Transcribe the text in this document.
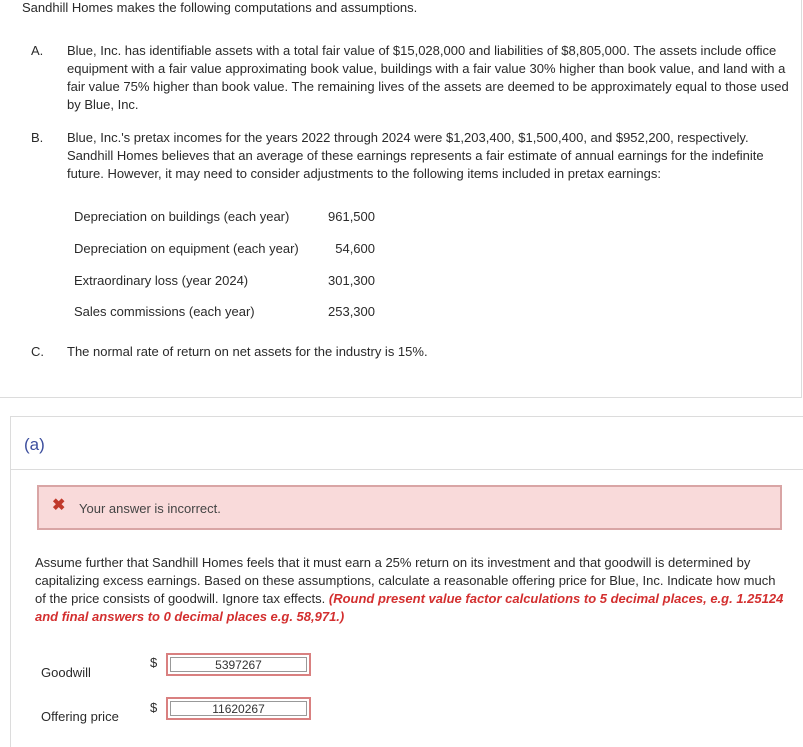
Sandhill Homes makes the following computations and assumptions.
A. Blue, Inc. has identifiable assets with a total fair value of $15,028,000 and liabilities of $8,805,000. The assets include office equipment with a fair value approximating book value, buildings with a fair value 30% higher than book value, and land with a fair value 75% higher than book value. The remaining lives of the assets are deemed to be approximately equal to those used by Blue, Inc.
B. Blue, Inc.'s pretax incomes for the years 2022 through 2024 were $1,203,400, $1,500,400, and $952,200, respectively. Sandhill Homes believes that an average of these earnings represents a fair estimate of annual earnings for the indefinite future. However, it may need to consider adjustments to the following items included in pretax earnings:
Depreciation on buildings (each year)	961,500
Depreciation on equipment (each year)	54,600
Extraordinary loss (year 2024)	301,300
Sales commissions (each year)	253,300
C. The normal rate of return on net assets for the industry is 15%.
(a)
✖ Your answer is incorrect.
Assume further that Sandhill Homes feels that it must earn a 25% return on its investment and that goodwill is determined by capitalizing excess earnings. Based on these assumptions, calculate a reasonable offering price for Blue, Inc. Indicate how much of the price consists of goodwill. Ignore tax effects. (Round present value factor calculations to 5 decimal places, e.g. 1.25124 and final answers to 0 decimal places e.g. 58,971.)
Goodwill
$	5397267
Offering price
$	11620267
